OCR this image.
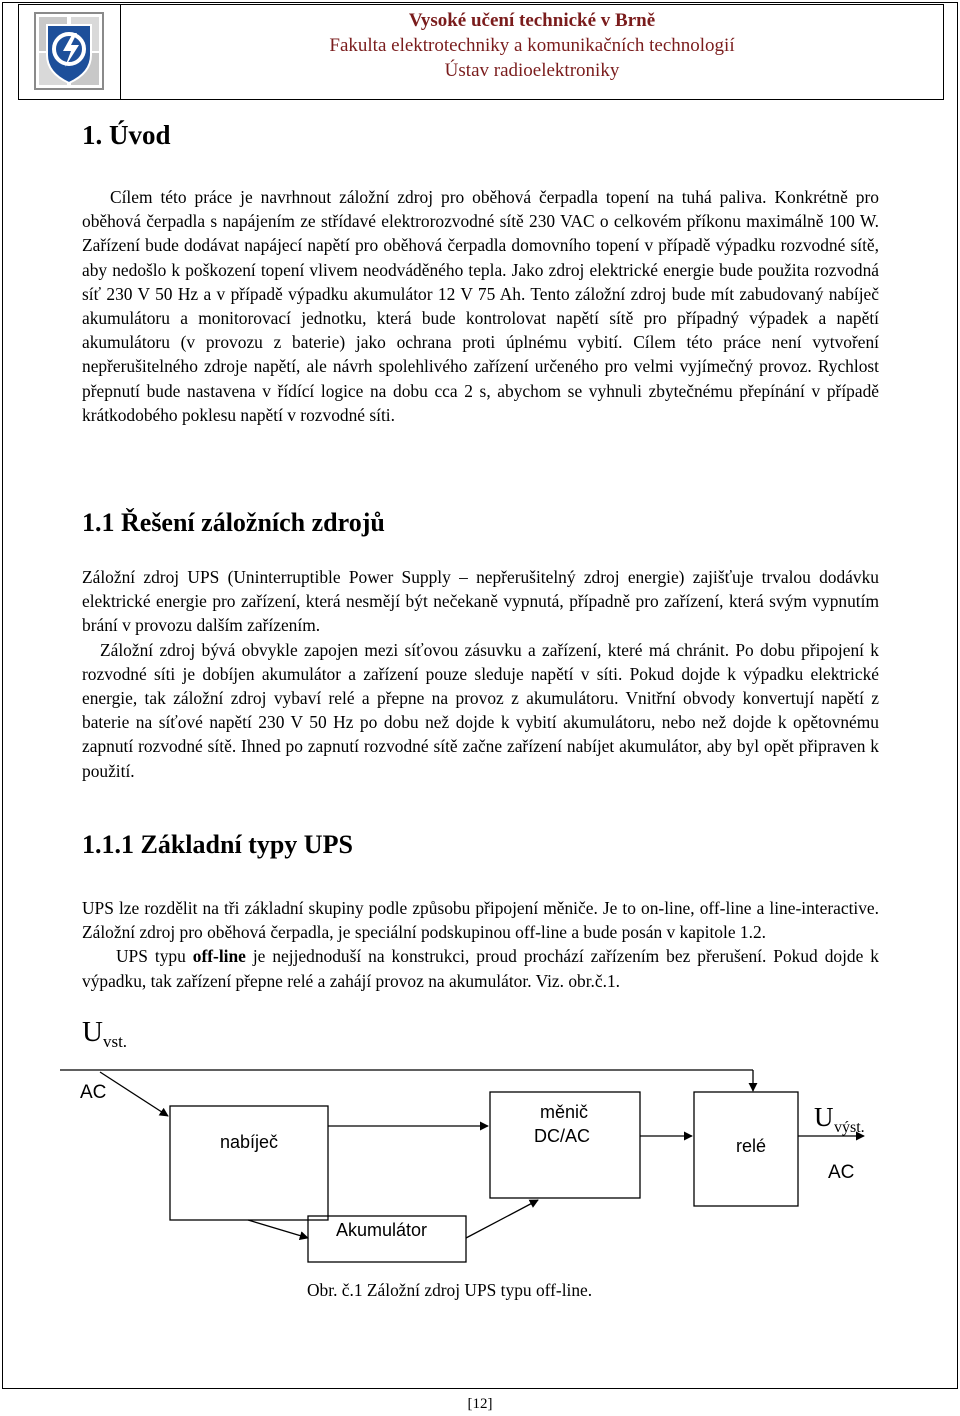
Vysoké učení technické v Brně
Fakulta elektrotechniky a komunikačních technologií
Ústav radioelektroniky
1. Úvod

Cílem této práce je navrhnout záložní zdroj pro oběhová čerpadla topení na tuhá paliva. Konkrétně pro oběhová čerpadla s napájením ze střídavé elektrorozvodné sítě 230 VAC o celkovém příkonu maximálně 100 W. Zařízení bude dodávat napájecí napětí pro oběhová čerpadla domovního topení v případě výpadku rozvodné sítě, aby nedošlo k poškození topení vlivem neodváděného tepla. Jako zdroj elektrické energie bude použita rozvodná síť 230 V 50 Hz a v případě výpadku akumulátor 12 V 75 Ah. Tento záložní zdroj bude mít zabudovaný nabíječ akumulátoru a monitorovací jednotku, která bude kontrolovat napětí sítě pro případný výpadek a napětí akumulátoru (v provozu z baterie) jako ochrana proti úplnému vybití. Cílem této práce není vytvoření nepřerušitelného zdroje napětí, ale návrh spolehlivého zařízení určeného pro velmi vyjímečný provoz. Rychlost přepnutí bude nastavena v řídící logice na dobu cca 2 s, abychom se vyhnuli zbytečnému přepínání v případě krátkodobého poklesu napětí v rozvodné síti.

1.1 Řešení záložních zdrojů

Záložní zdroj UPS (Uninterruptible Power Supply – nepřerušitelný zdroj energie) zajišťuje trvalou dodávku elektrické energie pro zařízení, která nesmějí být nečekaně vypnutá, případně pro zařízení, která svým vypnutím brání v provozu dalším zařízením.

Záložní zdroj bývá obvykle zapojen mezi síťovou zásuvku a zařízení, které má chránit. Po dobu připojení k rozvodné síti je dobíjen akumulátor a zařízení pouze sleduje napětí v síti. Pokud dojde k výpadku elektrické energie, tak záložní zdroj vybaví relé a přepne na provoz z akumulátoru. Vnitřní obvody konvertují napětí z baterie na síťové napětí 230 V 50 Hz po dobu než dojde k vybití akumulátoru, nebo než dojde k opětovnému zapnutí rozvodné sítě. Ihned po zapnutí rozvodné sítě začne zařízení nabíjet akumulátor, aby byl opět připraven k použití.

1.1.1 Základní typy UPS

UPS lze rozdělit na tři základní skupiny podle způsobu připojení měniče. Je to on-line, off-line a line-interactive. Záložní zdroj pro oběhová čerpadla, je speciální podskupinou off-line a bude posán v kapitole 1.2.

UPS typu off-line je nejjednoduší na konstrukci, proud prochází zařízením bez přerušení. Pokud dojde k výpadku, tak zařízení přepne relé a zahájí provoz na akumulátor. Viz. obr.č.1.

$U_{vst.}$
nabíječ
měnič
DC/AC	relé
Akumulátor
AC
U výst.
AC
Obr. č.1 Záložní zdroj UPS typu off-line.
[12]
